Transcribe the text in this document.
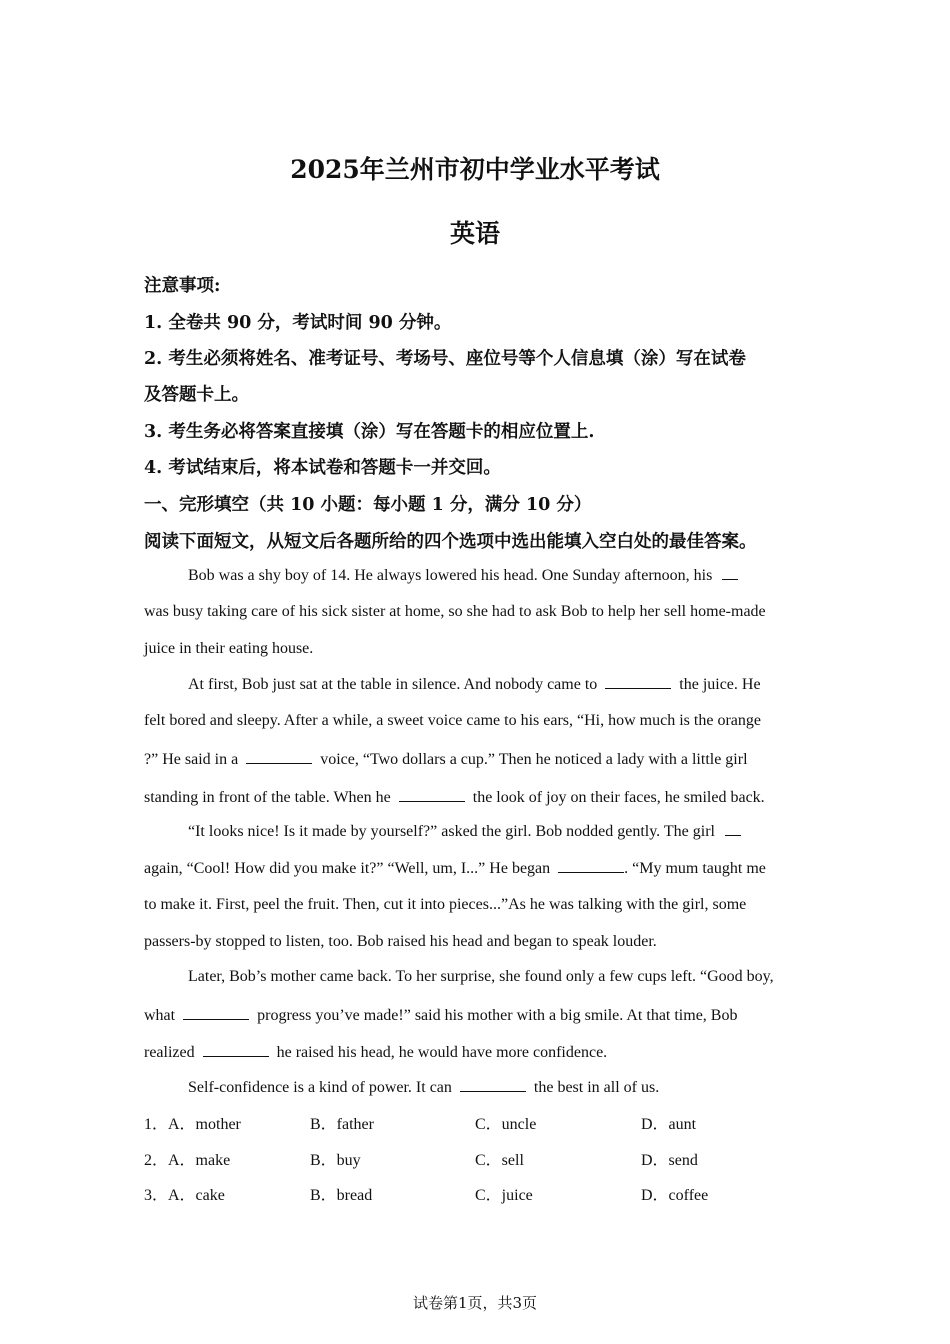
2025年兰州市初中学业水平考试
英语
注意事项:
1. 全卷共 90 分，考试时间 90 分钟。
2. 考生必须将姓名、准考证号、考场号、座位号等个人信息填（涂）写在试卷
及答题卡上。
3. 考生务必将答案直接填（涂）写在答题卡的相应位置上.
4. 考试结束后，将本试卷和答题卡一并交回。
一、完形填空（共 10 小题：每小题 1 分，满分 10 分）
阅读下面短文，从短文后各题所给的四个选项中选出能填入空白处的最佳答案。
Bob was a shy boy of 14. He always lowered his head. One Sunday afternoon, his
was busy taking care of his sick sister at home, so she had to ask Bob to help her sell home-made
juice in their eating house.
At first, Bob just sat at the table in silence. And nobody came to	the juice. He
felt bored and sleepy. After a while, a sweet voice came to his ears, “Hi, how much is the orange
?” He said in a	voice, “Two dollars a cup.” Then he noticed a lady with a little girl
standing in front of the table. When he	the look of joy on their faces, he smiled back.
“It looks nice! Is it made by yourself?” asked the girl. Bob nodded gently. The girl
again, “Cool! How did you make it?” “Well, um, I...” He began	. “My mum taught me
to make it. First, peel the fruit. Then, cut it into pieces...”As he was talking with the girl, some
passers-by stopped to listen, too. Bob raised his head and began to speak louder.
Later, Bob’s mother came back. To her surprise, she found only a few cups left. “Good boy,
what	progress you’ve made!” said his mother with a big smile. At that time, Bob
realized	he raised his head, he would have more confidence.
Self-confidence is a kind of power. It can	the best in all of us.
1． A．mother	B．father	C．uncle	D．aunt
2． A．make	B．buy	C．sell	D．send
3． A．cake	B．bread	C．juice	D．coffee
试卷第1页，共3页
